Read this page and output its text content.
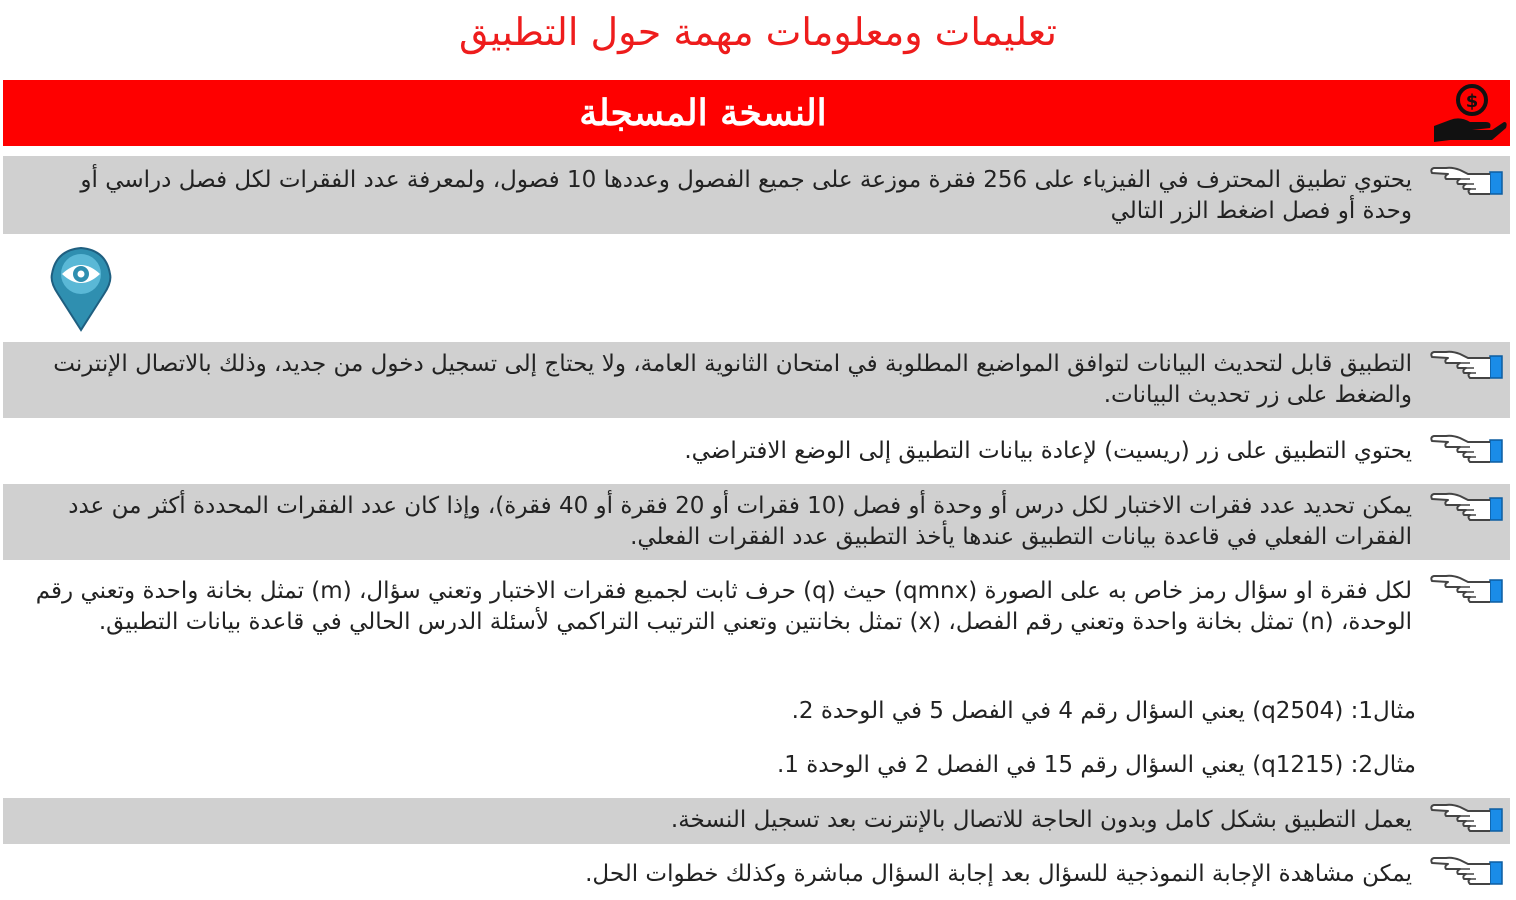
تعليمات ومعلومات مهمة حول التطبيق
النسخة المسجلة	$
يحتوي تطبيق المحترف في الفيزياء على 256 فقرة موزعة على جميع الفصول وعددها 10 فصول، ولمعرفة عدد الفقرات لكل فصل دراسي أو وحدة أو فصل اضغط الزر التالي
التطبيق قابل لتحديث البيانات لتوافق المواضيع المطلوبة في امتحان الثانوية العامة، ولا يحتاج إلى تسجيل دخول من جديد، وذلك بالاتصال الإنترنت والضغط على زر تحديث البيانات.
يحتوي التطبيق على زر (ريسيت) لإعادة بيانات التطبيق إلى الوضع الافتراضي.
يمكن تحديد عدد فقرات الاختبار لكل درس أو وحدة أو فصل (10 فقرات أو 20 فقرة أو 40 فقرة)، وإذا كان عدد الفقرات المحددة أكثر من عدد الفقرات الفعلي في قاعدة بيانات التطبيق عندها يأخذ التطبيق عدد الفقرات الفعلي.
لكل فقرة او سؤال رمز خاص به على الصورة (qmnx) حيث (q) حرف ثابت لجميع فقرات الاختبار وتعني سؤال، (m) تمثل بخانة واحدة وتعني رقم الوحدة، (n) تمثل بخانة واحدة وتعني رقم الفصل، (x) تمثل بخانتين وتعني الترتيب التراكمي لأسئلة الدرس الحالي في قاعدة بيانات التطبيق.
مثال1: (q2504) يعني السؤال رقم 4 في الفصل 5 في الوحدة 2.
مثال2: (q1215) يعني السؤال رقم 15 في الفصل 2 في الوحدة 1.
يعمل التطبيق بشكل كامل وبدون الحاجة للاتصال بالإنترنت بعد تسجيل النسخة.
يمكن مشاهدة الإجابة النموذجية للسؤال بعد إجابة السؤال مباشرة وكذلك خطوات الحل.
